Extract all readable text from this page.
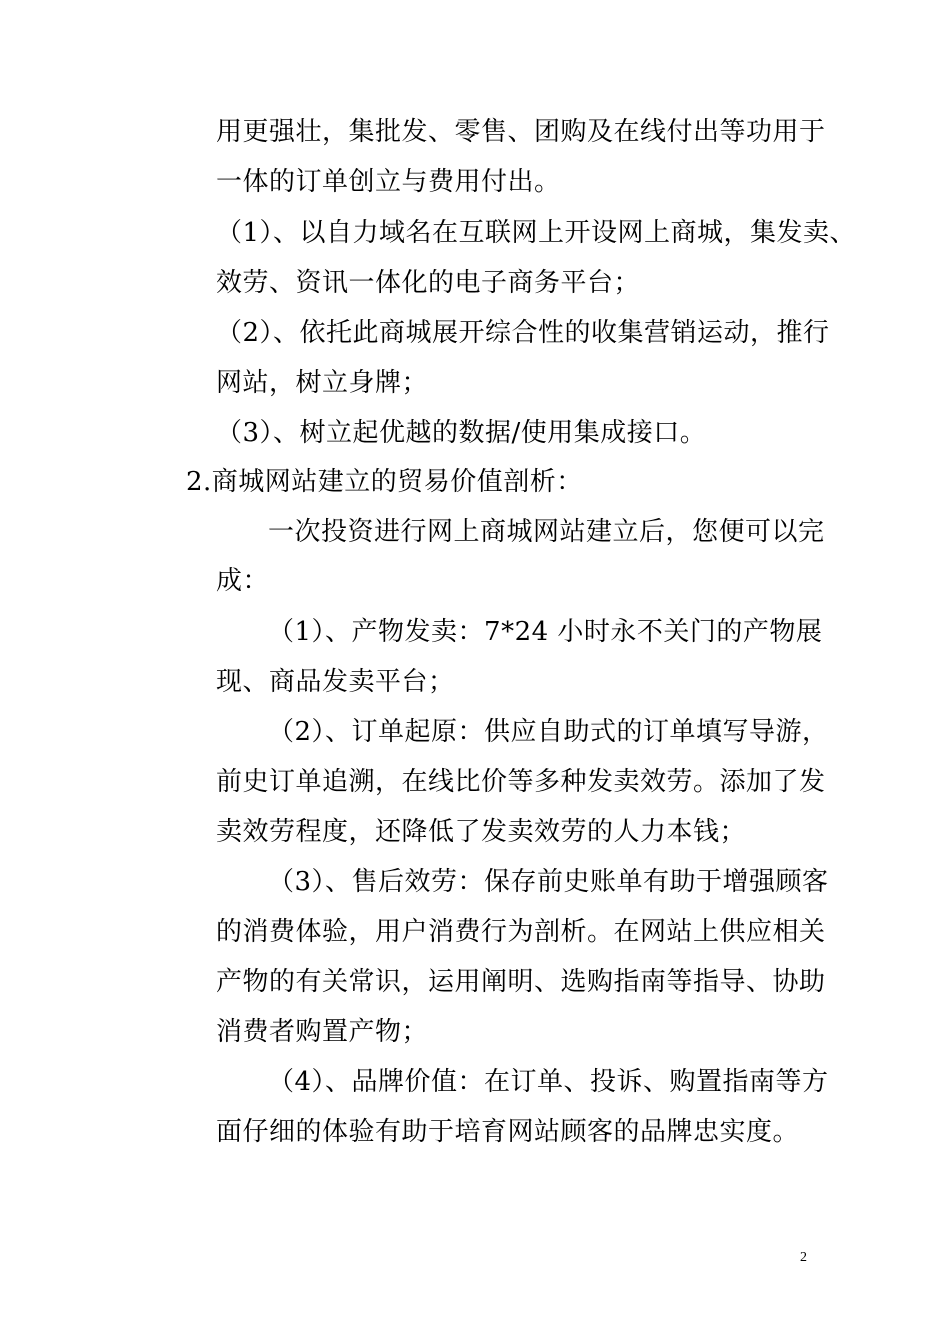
用更强壮，集批发、零售、团购及在线付出等功用于
一体的订单创立与费用付出。
（1）、以自力域名在互联网上开设网上商城，集发卖、
效劳、资讯一体化的电子商务平台；
（2）、依托此商城展开综合性的收集营销运动，推行
网站，树立身牌；
（3）、树立起优越的数据/使用集成接口。
2.商城网站建立的贸易价值剖析：
一次投资进行网上商城网站建立后，您便可以完
成：
（1）、产物发卖：7*24 小时永不关门的产物展
现、商品发卖平台；
（2）、订单起原：供应自助式的订单填写导游，
前史订单追溯，在线比价等多种发卖效劳。添加了发
卖效劳程度，还降低了发卖效劳的人力本钱；
（3）、售后效劳：保存前史账单有助于增强顾客
的消费体验，用户消费行为剖析。在网站上供应相关
产物的有关常识，运用阐明、选购指南等指导、协助
消费者购置产物；
（4）、品牌价值：在订单、投诉、购置指南等方
面仔细的体验有助于培育网站顾客的品牌忠实度。
2
